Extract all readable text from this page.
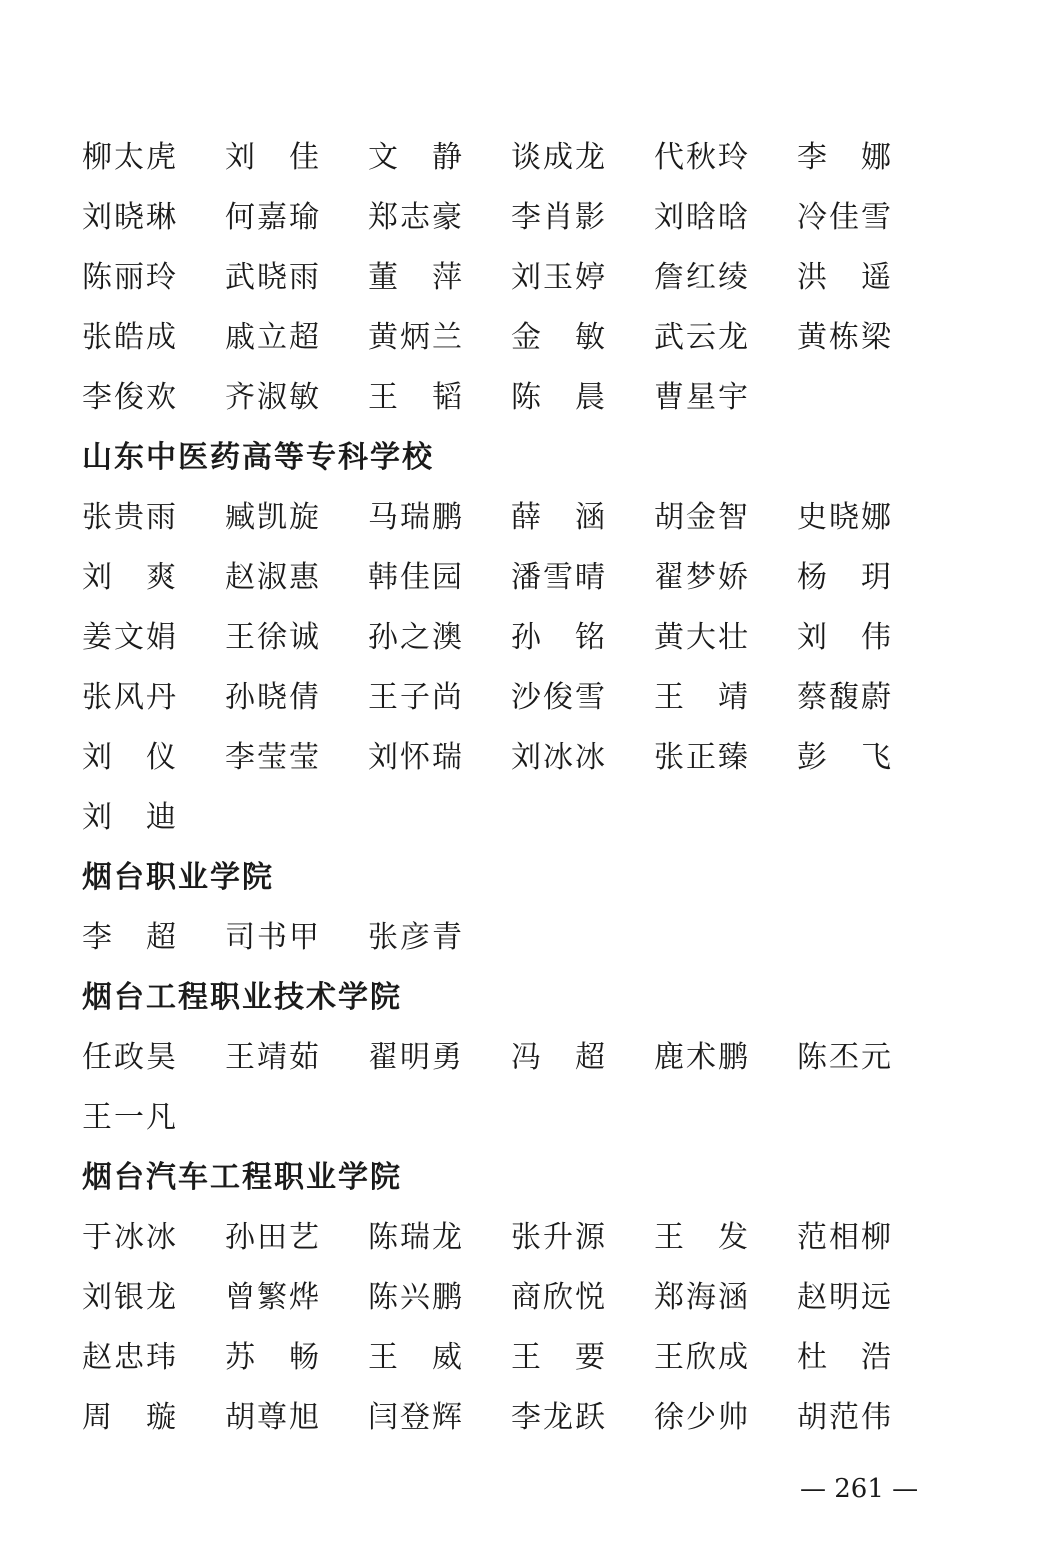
柳太虎 刘　佳 文　静 谈成龙 代秋玲 李　娜
刘晓琳 何嘉瑜 郑志豪 李肖影 刘晗晗 冷佳雪
陈丽玲 武晓雨 董　萍 刘玉婷 詹红绫 洪　遥
张皓成 戚立超 黄炳兰 金　敏 武云龙 黄栋梁
李俊欢 齐淑敏 王　韬 陈　晨 曹星宇
山东中医药高等专科学校
张贵雨 臧凯旋 马瑞鹏 薛　涵 胡金智 史晓娜
刘　爽 赵淑惠 韩佳园 潘雪晴 翟梦娇 杨　玥
姜文娟 王徐诚 孙之澳 孙　铭 黄大壮 刘　伟
张风丹 孙晓倩 王子尚 沙俊雪 王　靖 蔡馥蔚
刘　仪 李莹莹 刘怀瑞 刘冰冰 张正臻 彭　飞
刘　迪
烟台职业学院
李　超 司书甲 张彦青
烟台工程职业技术学院
任政昊 王靖茹 翟明勇 冯　超 鹿术鹏 陈丕元
王一凡
烟台汽车工程职业学院
于冰冰 孙田艺 陈瑞龙 张升源 王　发 范相柳
刘银龙 曾繁烨 陈兴鹏 商欣悦 郑海涵 赵明远
赵忠玮 苏　畅 王　威 王　要 王欣成 杜　浩
周　璇 胡尊旭 闫登辉 李龙跃 徐少帅 胡范伟
— 261 —
